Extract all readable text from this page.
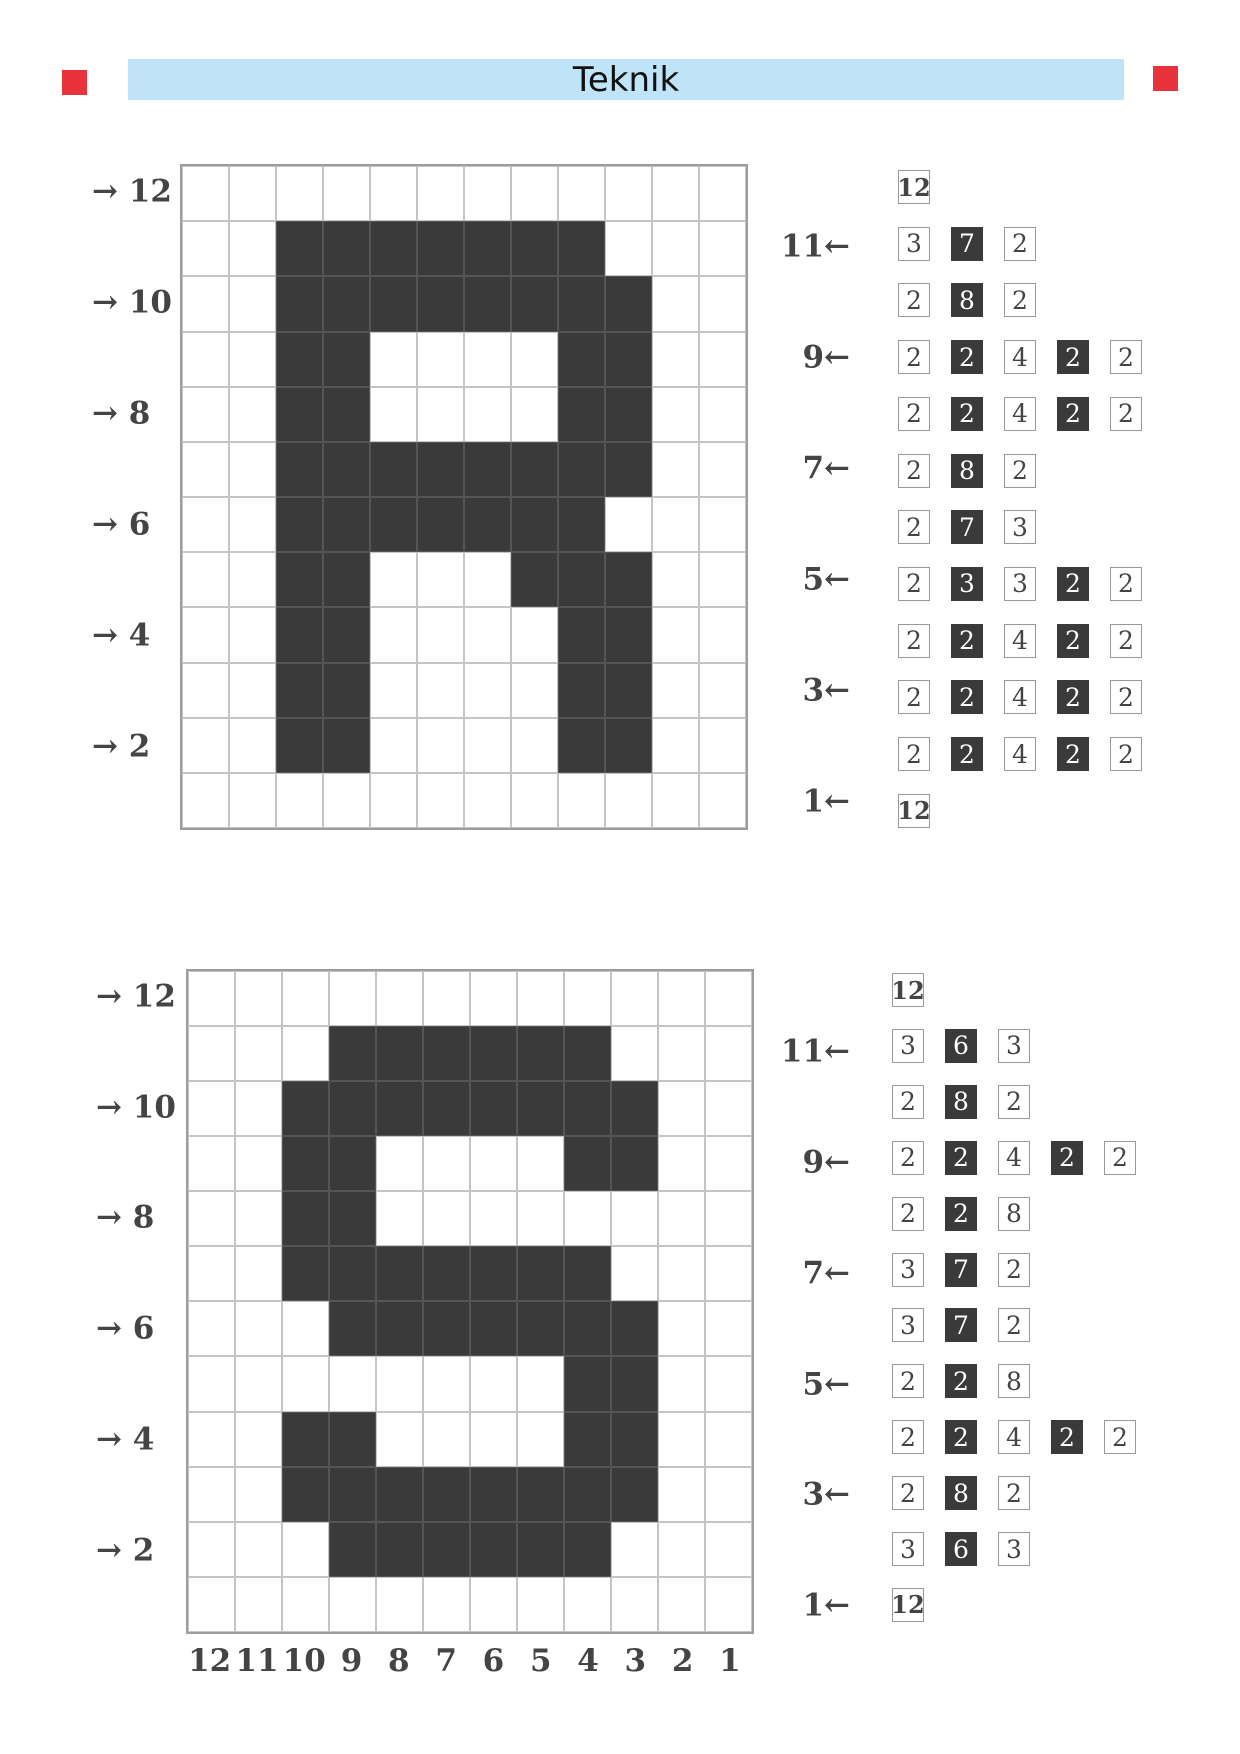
Teknik
→ 12
→ 10
→ 8
→ 6
→ 4
→ 2
11←
9←
7←
5←
3←
1←
12
3	7	2
2	8	2
2	2	4	2	2
2	2	4	2	2
2	8	2
2	7	3
2	3	3	2	2
2	2	4	2	2
2	2	4	2	2
2	2	4	2	2
12
→ 12
→ 10
→ 8
→ 6
→ 4
→ 2
11←
9←
7←
5←
3←
1←
12 11 10 9 8 7 6 5 4 3 2 1
12
3	6	3
2	8	2
2	2	4	2	2
2	2	8
3	7	2
3	7	2
2	2	8
2	2	4	2	2
2	8	2
3	6	3
12
